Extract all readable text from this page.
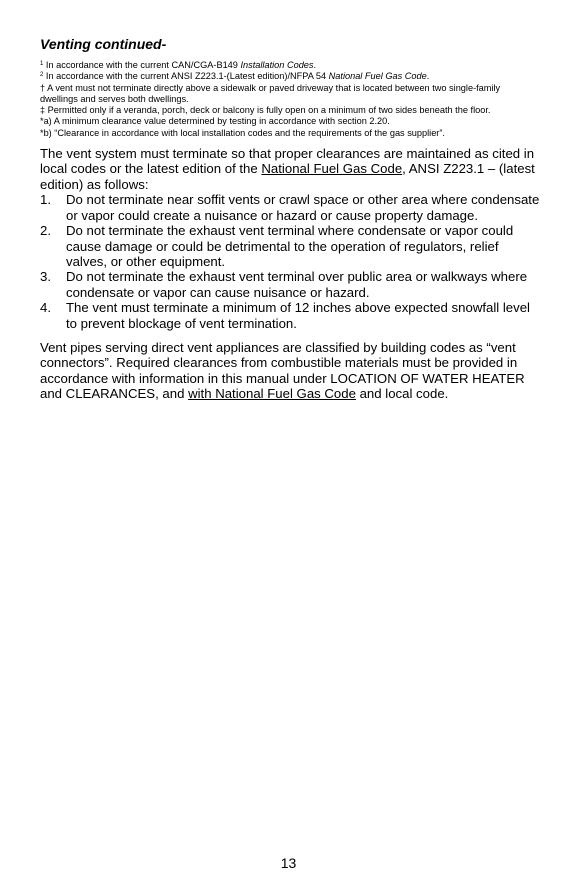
Venting continued-

$^1$ In accordance with the current CAN/CGA-B149 Installation Codes.

$^2$ In accordance with the current ANSI Z223.1-(Latest edition)/NFPA 54 National Fuel Gas Code.

† A vent must not terminate directly above a sidewalk or paved driveway that is located between two single-family dwellings and serves both dwellings.

‡ Permitted only if a veranda, porch, deck or balcony is fully open on a minimum of two sides beneath the floor.

*a) A minimum clearance value determined by testing in accordance with section 2.20.

*b) “Clearance in accordance with local installation codes and the requirements of the gas supplier”.

The vent system must terminate so that proper clearances are maintained as cited in local codes or the latest edition of the National Fuel Gas Code, ANSI Z223.1 – (latest edition) as follows:

1. Do not terminate near soffit vents or crawl space or other area where condensate or vapor could create a nuisance or hazard or cause property damage.
2. Do not terminate the exhaust vent terminal where condensate or vapor could cause damage or could be detrimental to the operation of regulators, relief valves, or other equipment.
3. Do not terminate the exhaust vent terminal over public area or walkways where condensate or vapor can cause nuisance or hazard.
4. The vent must terminate a minimum of 12 inches above expected snowfall level to prevent blockage of vent termination.

Vent pipes serving direct vent appliances are classified by building codes as “vent connectors”. Required clearances from combustible materials must be provided in accordance with information in this manual under LOCATION OF WATER HEATER and CLEARANCES, and with National Fuel Gas Code and local code.

13
